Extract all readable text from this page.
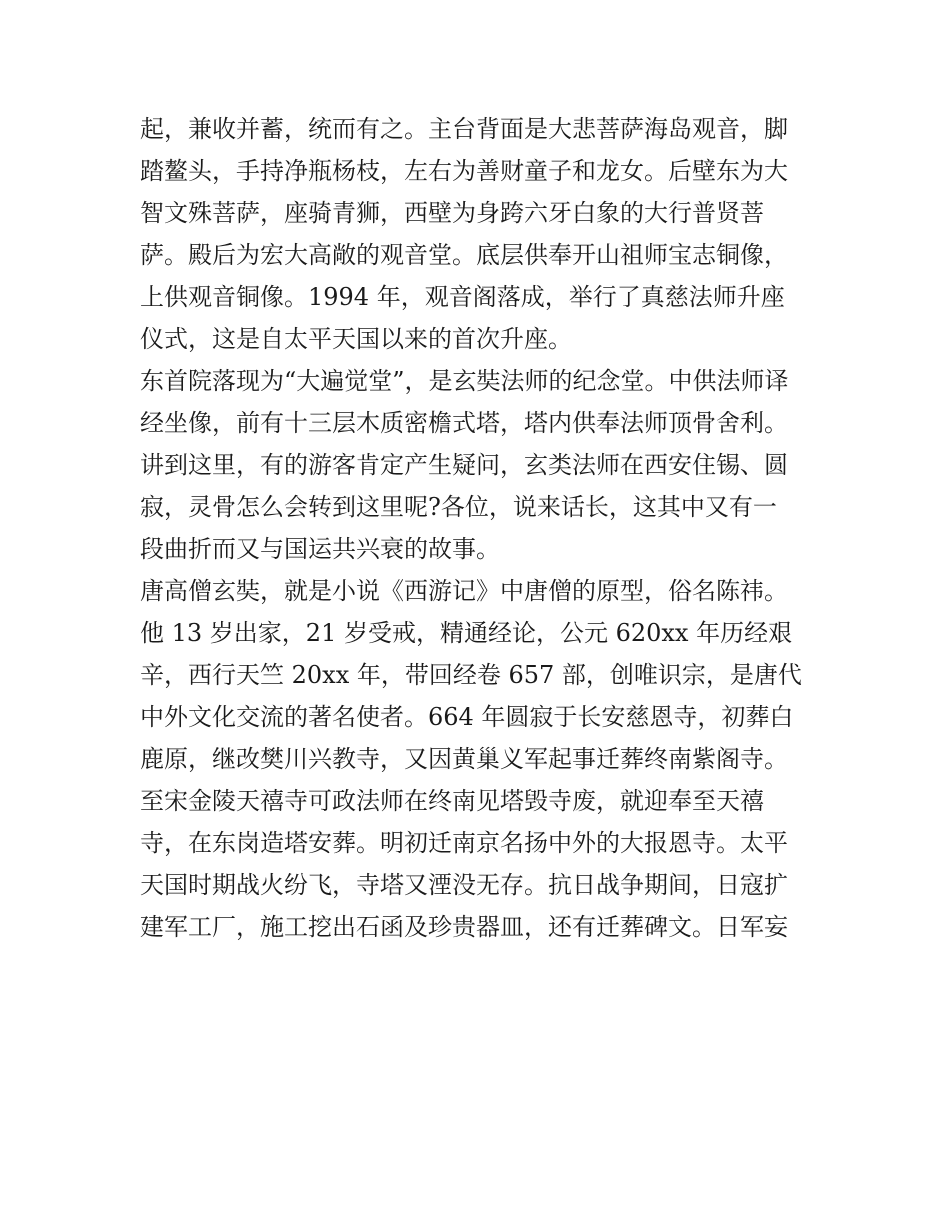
起，兼收并蓄，统而有之。主台背面是大悲菩萨海岛观音，脚
踏鳌头，手持净瓶杨枝，左右为善财童子和龙女。后壁东为大
智文殊菩萨，座骑青狮，西壁为身跨六牙白象的大行普贤菩
萨。殿后为宏大高敞的观音堂。底层供奉开山祖师宝志铜像，
上供观音铜像。1994 年，观音阁落成，举行了真慈法师升座
仪式，这是自太平天国以来的首次升座。
东首院落现为“大遍觉堂”，是玄奘法师的纪念堂。中供法师译
经坐像，前有十三层木质密檐式塔，塔内供奉法师顶骨舍利。
讲到这里，有的游客肯定产生疑问，玄类法师在西安住锡、圆
寂，灵骨怎么会转到这里呢?各位，说来话长，这其中又有一
段曲折而又与国运共兴衰的故事。
唐高僧玄奘，就是小说《西游记》中唐僧的原型，俗名陈祎。
他 13 岁出家，21 岁受戒，精通经论，公元 620xx 年历经艰
辛，西行天竺 20xx 年，带回经卷 657 部，创唯识宗，是唐代
中外文化交流的著名使者。664 年圆寂于长安慈恩寺，初葬白
鹿原，继改樊川兴教寺，又因黄巢义军起事迁葬终南紫阁寺。
至宋金陵天禧寺可政法师在终南见塔毁寺废，就迎奉至天禧
寺，在东岗造塔安葬。明初迁南京名扬中外的大报恩寺。太平
天国时期战火纷飞，寺塔又湮没无存。抗日战争期间，日寇扩
建军工厂，施工挖出石函及珍贵器皿，还有迁葬碑文。日军妄
